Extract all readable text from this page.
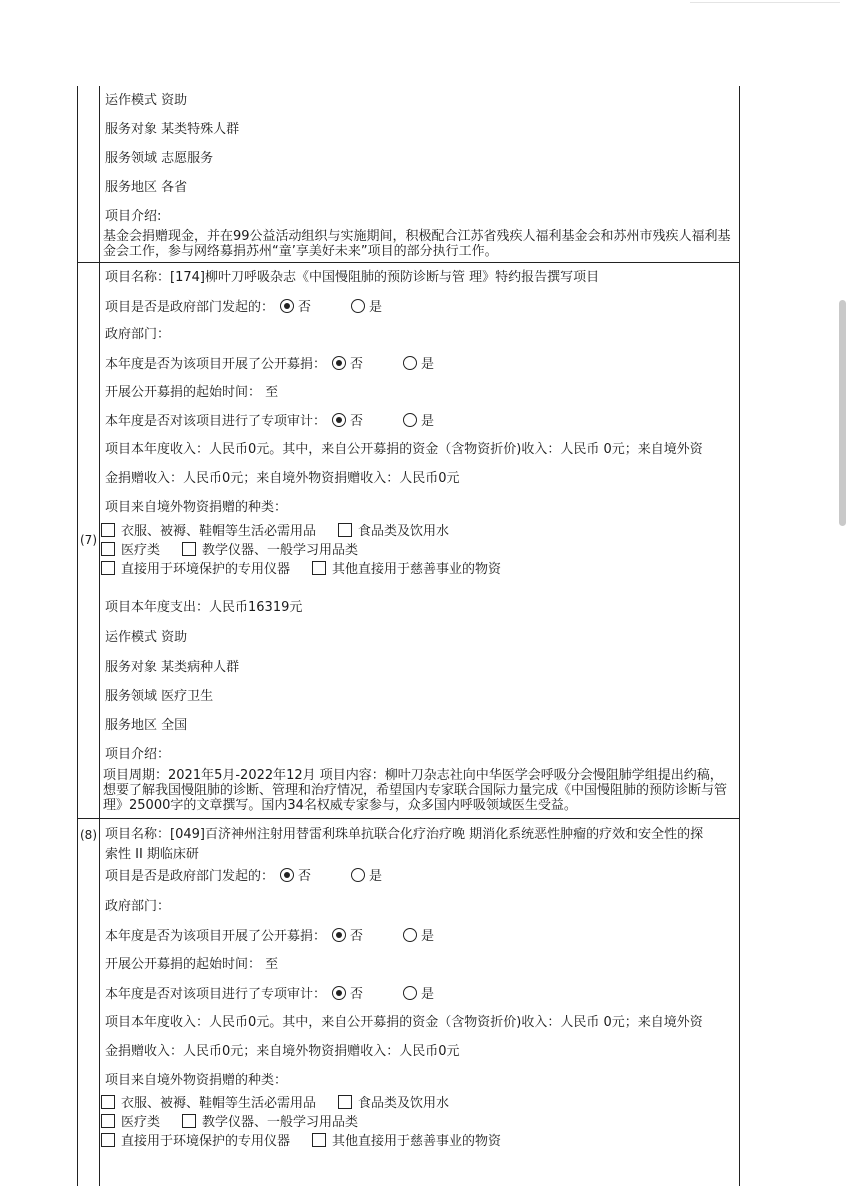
运作模式 资助
服务对象 某类特殊人群
服务领域 志愿服务
服务地区 各省
项目介绍:
基金会捐赠现金，并在99公益活动组织与实施期间，积极配合江苏省残疾人福利基金会和苏州市残疾人福利基金会工作，参与网络募捐苏州“童’享美好未来”项目的部分执行工作。
(7)
项目名称：[174]柳叶刀呼吸杂志《中国慢阻肺的预防诊断与管 理》特约报告撰写项目
项目是否是政府部门发起的： 否	是
政府部门：
本年度是否为该项目开展了公开募捐： 否	是
开展公开募捐的起始时间： 至
本年度是否对该项目进行了专项审计： 否	是
项目本年度收入：人民币0元。其中，来自公开募捐的资金（含物资折价)收入：人民币 0元；来自境外资
金捐赠收入：人民币0元；来自境外物资捐赠收入：人民币0元
项目来自境外物资捐赠的种类：
衣服、被褥、鞋帽等生活必需用品	食品类及饮用水
医疗类	教学仪器、一般学习用品类
直接用于环境保护的专用仪器	其他直接用于慈善事业的物资
项目本年度支出：人民币16319元
运作模式 资助
服务对象 某类病种人群
服务领域 医疗卫生
服务地区 全国
项目介绍：
项目周期：2021年5月-2022年12月 项目内容：柳叶刀杂志社向中华医学会呼吸分会慢阻肺学组提出约稿，想要了解我国慢阻肺的诊断、管理和治疗情况，希望国内专家联合国际力量完成《中国慢阻肺的预防诊断与管理》25000字的文章撰写。国内34名权威专家参与，众多国内呼吸领域医生受益。
(8) 项目名称：[049]百济神州注射用替雷利珠单抗联合化疗治疗晚 期消化系统恶性肿瘤的疗效和安全性的探
索性 II 期临床研
项目是否是政府部门发起的： 否	是
政府部门：
本年度是否为该项目开展了公开募捐： 否	是
开展公开募捐的起始时间： 至
本年度是否对该项目进行了专项审计： 否	是
项目本年度收入：人民币0元。其中，来自公开募捐的资金（含物资折价)收入：人民币 0元；来自境外资
金捐赠收入：人民币0元；来自境外物资捐赠收入：人民币0元
项目来自境外物资捐赠的种类：
衣服、被褥、鞋帽等生活必需用品	食品类及饮用水
医疗类	教学仪器、一般学习用品类
直接用于环境保护的专用仪器	其他直接用于慈善事业的物资
